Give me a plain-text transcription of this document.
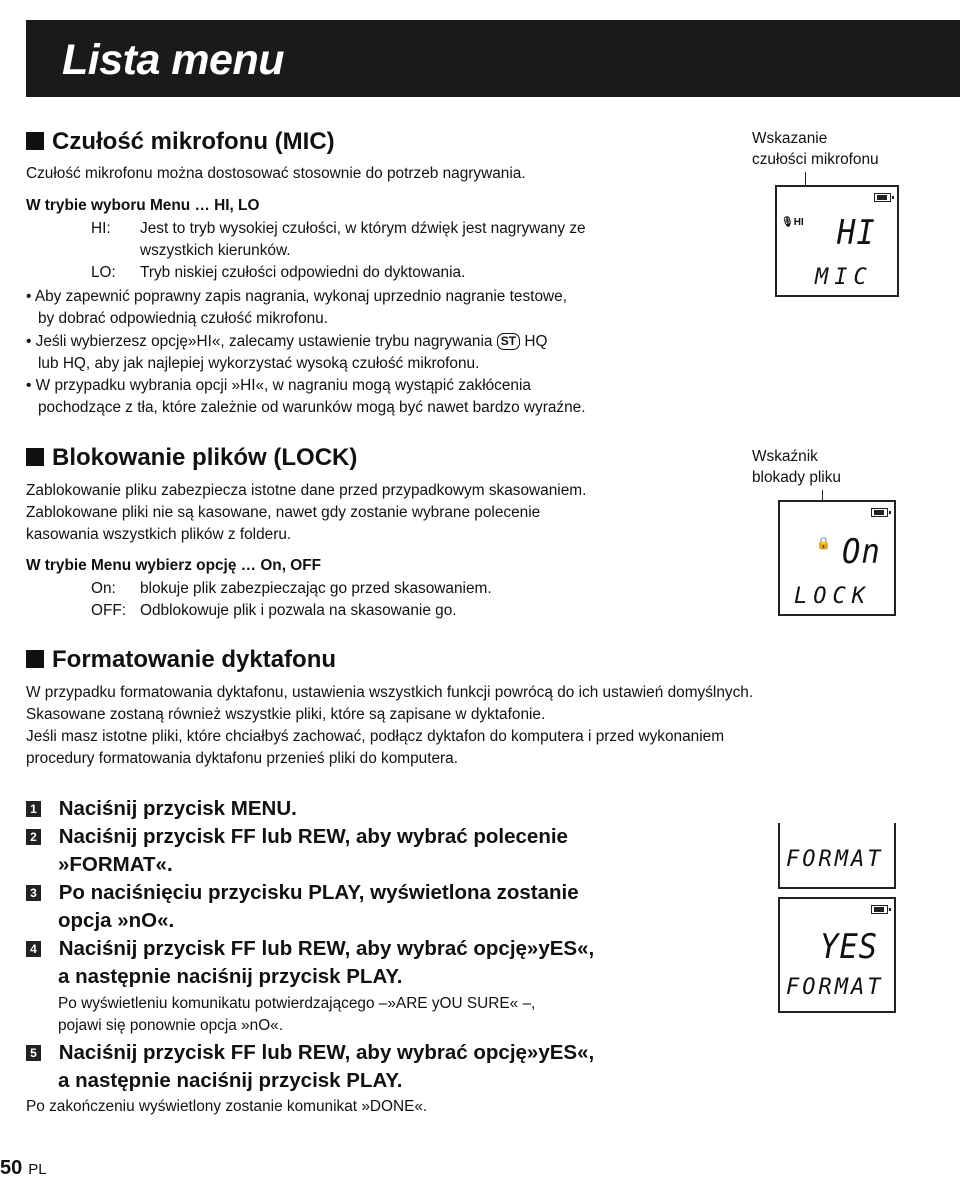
Lista menu
Czułość mikrofonu (MIC)
Czułość mikrofonu można dostosować stosownie do potrzeb nagrywania.
W trybie wyboru Menu … HI, LO
HI: Jest to tryb wysokiej czułości, w którym dźwięk jest nagrywany ze
wszystkich kierunków.
LO: Tryb niskiej czułości odpowiedni do dyktowania.
• Aby zapewnić poprawny zapis nagrania, wykonaj uprzednio nagranie testowe,
by dobrać odpowiednią czułość mikrofonu.
• Jeśli wybierzesz opcję»HI«, zalecamy ustawienie trybu nagrywania ST HQ
lub HQ, aby jak najlepiej wykorzystać wysoką czułość mikrofonu.
• W przypadku wybrania opcji »HI«, w nagraniu mogą wystąpić zakłócenia
pochodzące z tła, które zależnie od warunków mogą być nawet bardzo wyraźne.
Wskazanie
czułości mikrofonu
🎙HI HI
MIC
Blokowanie plików (LOCK)
Zablokowanie pliku zabezpiecza istotne dane przed przypadkowym skasowaniem.
Zablokowane pliki nie są kasowane, nawet gdy zostanie wybrane polecenie
kasowania wszystkich plików z folderu.
W trybie Menu wybierz opcję … On, OFF
On: blokuje plik zabezpieczając go przed skasowaniem.
OFF: Odblokowuje plik i pozwala na skasowanie go.
Wskaźnik
blokady pliku
🔒 On
LOCK
Formatowanie dyktafonu
W przypadku formatowania dyktafonu, ustawienia wszystkich funkcji powrócą do ich ustawień domyślnych.
Skasowane zostaną również wszystkie pliki, które są zapisane w dyktafonie.
Jeśli masz istotne pliki, które chciałbyś zachować, podłącz dyktafon do komputera i przed wykonaniem
procedury formatowania dyktafonu przenieś pliki do komputera.
1 Naciśnij przycisk MENU.
2 Naciśnij przycisk FF lub REW, aby wybrać polecenie
»FORMAT«.
3 Po naciśnięciu przycisku PLAY, wyświetlona zostanie
opcja »nO«.
4 Naciśnij przycisk FF lub REW, aby wybrać opcję»yES«,
a następnie naciśnij przycisk PLAY.
Po wyświetleniu komunikatu potwierdzającego –»ARE yOU SURE« –,
pojawi się ponownie opcja »nO«.
5 Naciśnij przycisk FF lub REW, aby wybrać opcję»yES«,
a następnie naciśnij przycisk PLAY.
Po zakończeniu wyświetlony zostanie komunikat »DONE«.
FORMAT
YES
FORMAT
50 PL
